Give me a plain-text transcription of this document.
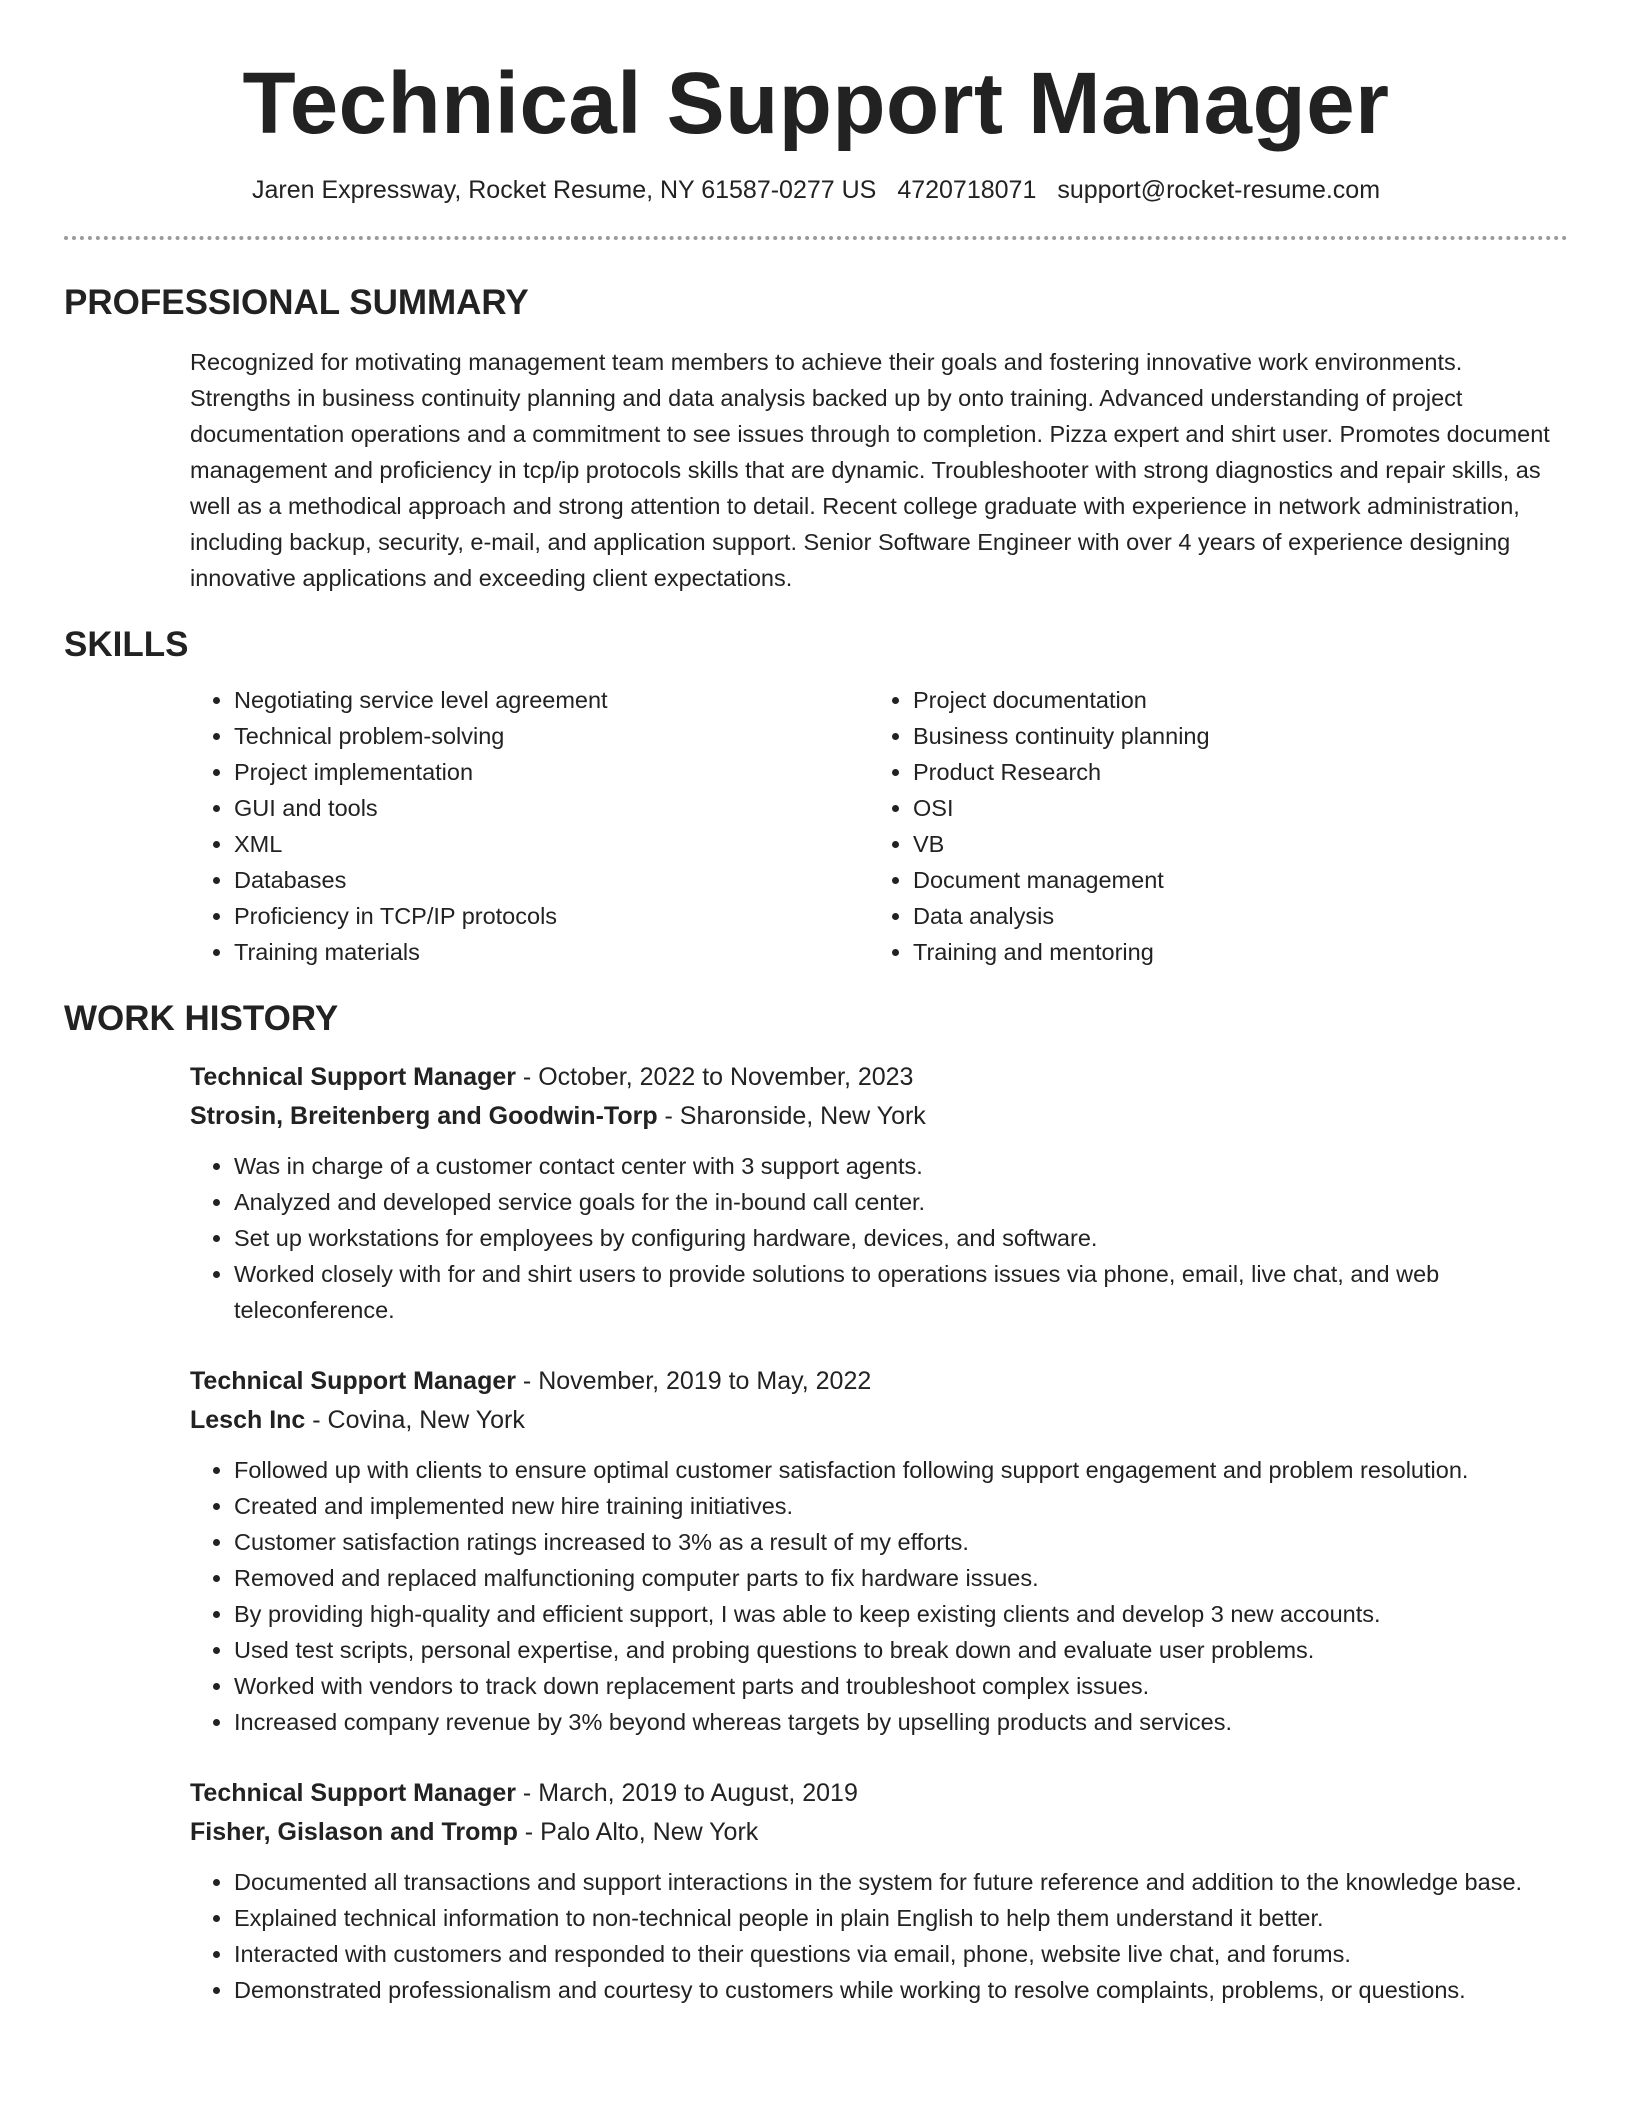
Technical Support Manager
Jaren Expressway, Rocket Resume, NY 61587-0277 US 4720718071 support@rocket-resume.com
PROFESSIONAL SUMMARY

Recognized for motivating management team members to achieve their goals and fostering innovative work environments. Strengths in business continuity planning and data analysis backed up by onto training. Advanced understanding of project documentation operations and a commitment to see issues through to completion. Pizza expert and shirt user. Promotes document management and proficiency in tcp/ip protocols skills that are dynamic. Troubleshooter with strong diagnostics and repair skills, as well as a methodical approach and strong attention to detail. Recent college graduate with experience in network administration, including backup, security, e-mail, and application support. Senior Software Engineer with over 4 years of experience designing innovative applications and exceeding client expectations.

SKILLS
• Negotiating service level agreement
• Technical problem-solving
• Project implementation
• GUI and tools
• XML
• Databases
• Proficiency in TCP/IP protocols
• Training materials
• Project documentation
• Business continuity planning
• Product Research
• OSI
• VB
• Document management
• Data analysis
• Training and mentoring
WORK HISTORY
Technical Support Manager - October, 2022 to November, 2023
Strosin, Breitenberg and Goodwin-Torp - Sharonside, New York
• Was in charge of a customer contact center with 3 support agents.
• Analyzed and developed service goals for the in-bound call center.
• Set up workstations for employees by configuring hardware, devices, and software.
• Worked closely with for and shirt users to provide solutions to operations issues via phone, email, live chat, and web teleconference.
Technical Support Manager - November, 2019 to May, 2022
Lesch Inc - Covina, New York
• Followed up with clients to ensure optimal customer satisfaction following support engagement and problem resolution.
• Created and implemented new hire training initiatives.
• Customer satisfaction ratings increased to 3% as a result of my efforts.
• Removed and replaced malfunctioning computer parts to fix hardware issues.
• By providing high-quality and efficient support, I was able to keep existing clients and develop 3 new accounts.
• Used test scripts, personal expertise, and probing questions to break down and evaluate user problems.
• Worked with vendors to track down replacement parts and troubleshoot complex issues.
• Increased company revenue by 3% beyond whereas targets by upselling products and services.
Technical Support Manager - March, 2019 to August, 2019
Fisher, Gislason and Tromp - Palo Alto, New York
• Documented all transactions and support interactions in the system for future reference and addition to the knowledge base.
• Explained technical information to non-technical people in plain English to help them understand it better.
• Interacted with customers and responded to their questions via email, phone, website live chat, and forums.
• Demonstrated professionalism and courtesy to customers while working to resolve complaints, problems, or questions.
